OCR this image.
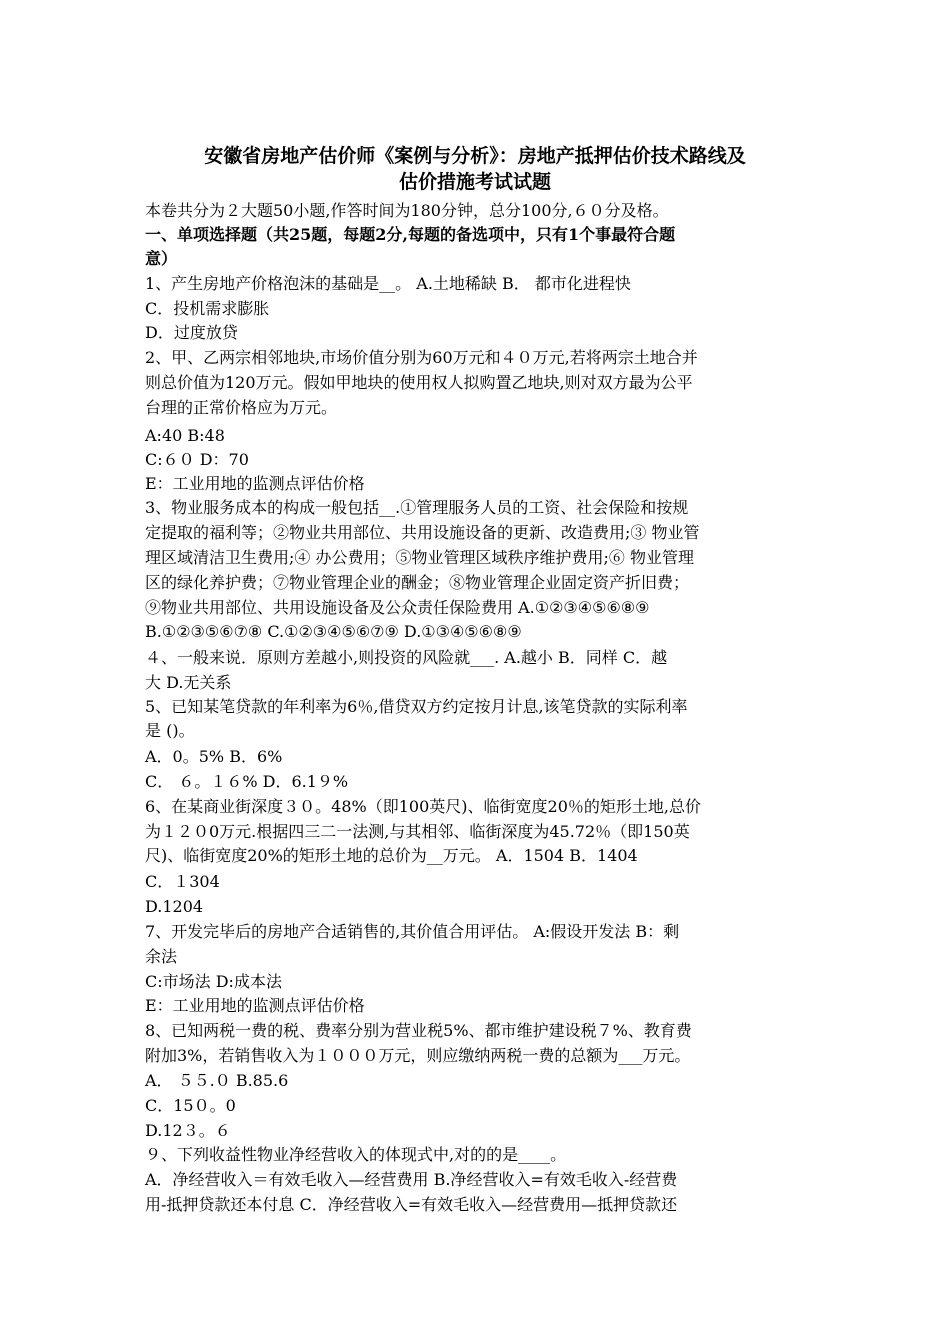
安徽省房地产估价师《案例与分析》：房地产抵押估价技术路线及
估价措施考试试题
本卷共分为２大题50小题,作答时间为180分钟，总分100分,６０分及格。
一、单项选择题（共25题，每题2分,每题的备选项中，只有1个事最符合题
意）
1、产生房地产价格泡沫的基础是__。 A.土地稀缺 B． 都市化进程快
C．投机需求膨胀
D．过度放贷
2、甲、乙两宗相邻地块,市场价值分别为60万元和４０万元,若将两宗土地合并
则总价值为120万元。假如甲地块的使用权人拟购置乙地块,则对双方最为公平
台理的正常价格应为万元。
A:40 B:48
C:６０ D：70
E：工业用地的监测点评估价格
3、物业服务成本的构成一般包括__.①管理服务人员的工资、社会保险和按规
定提取的福利等；②物业共用部位、共用设施设备的更新、改造费用;③ 物业管
理区域清洁卫生费用;④ 办公费用；⑤物业管理区域秩序维护费用;⑥ 物业管理
区的绿化养护费；⑦物业管理企业的酬金；⑧物业管理企业固定资产折旧费；
⑨物业共用部位、共用设施设备及公众责任保险费用 A.①②③④⑤⑥⑧⑨
B.①②③⑤⑥⑦⑧ C.①②③④⑤⑥⑦⑨ D.①③④⑤⑥⑧⑨
４、一般来说．原则方差越小,则投资的风险就___. A.越小 B．同样 C．越
大 D.无关系
5、已知某笔贷款的年利率为6％,借贷双方约定按月计息,该笔贷款的实际利率
是 ()。
A．0。5% B．6%
C． ６。１６% D．6.1９%
6、在某商业街深度３０。48%（即100英尺)、临街宽度20％的矩形土地,总价
为１２０0万元.根据四三二一法测,与其相邻、临街深度为45.72％（即150英
尺)、临街宽度20%的矩形土地的总价为__万元。 A．1504 B．1404
C．１304
D.1204
7、开发完毕后的房地产合适销售的,其价值合用评估。 A:假设开发法 B：剩
余法
C:市场法 D:成本法
E：工业用地的监测点评估价格
8、已知两税一费的税、费率分别为营业税5%、都市维护建设税７%、教育费
附加3%，若销售收入为１０００万元，则应缴纳两税一费的总额为___万元。
A． ５５.０ B.85.6
C．15０。0
D.12３。６
９、下列收益性物业净经营收入的体现式中,对的的是____。
A．净经营收入＝有效毛收入—经营费用 B.净经营收入=有效毛收入-经营费
用-抵押贷款还本付息 C．净经营收入=有效毛收入—经营费用—抵押贷款还
